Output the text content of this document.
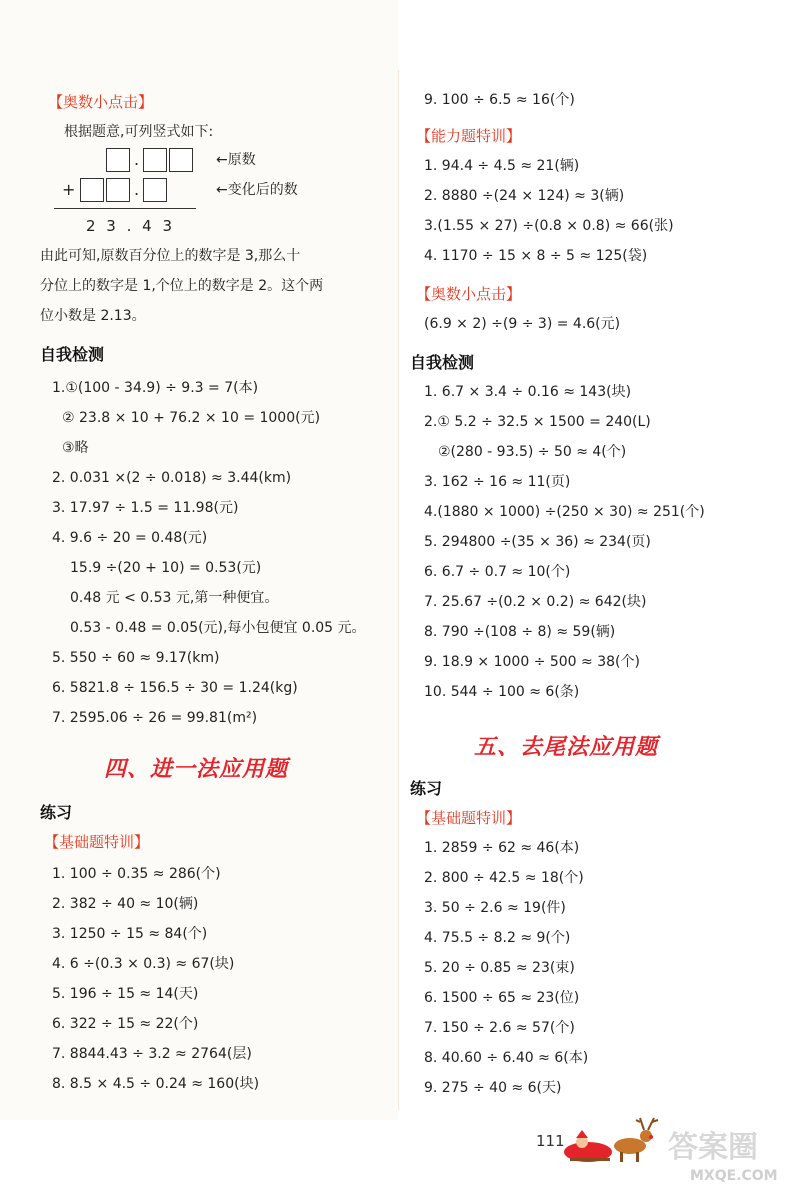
【奥数小点击】
根据题意,可列竖式如下:
.	←原数
+	.	←变化后的数
2 3 . 4 3
由此可知,原数百分位上的数字是 3,那么十
分位上的数字是 1,个位上的数字是 2。这个两
位小数是 2.13。
自我检测
1.①(100 - 34.9) ÷ 9.3 = 7(本)
② 23.8 × 10 + 76.2 × 10 = 1000(元)
③略
2. 0.031 ×(2 ÷ 0.018) ≈ 3.44(km)
3. 17.97 ÷ 1.5 = 11.98(元)
4. 9.6 ÷ 20 = 0.48(元)
15.9 ÷(20 + 10) = 0.53(元)
0.48 元 < 0.53 元,第一种便宜。
0.53 - 0.48 = 0.05(元),每小包便宜 0.05 元。
5. 550 ÷ 60 ≈ 9.17(km)
6. 5821.8 ÷ 156.5 ÷ 30 = 1.24(kg)
7. 2595.06 ÷ 26 = 99.81(m²)
四、进一法应用题
练习
【基础题特训】
1. 100 ÷ 0.35 ≈ 286(个)
2. 382 ÷ 40 ≈ 10(辆)
3. 1250 ÷ 15 ≈ 84(个)
4. 6 ÷(0.3 × 0.3) ≈ 67(块)
5. 196 ÷ 15 ≈ 14(天)
6. 322 ÷ 15 ≈ 22(个)
7. 8844.43 ÷ 3.2 ≈ 2764(层)
8. 8.5 × 4.5 ÷ 0.24 ≈ 160(块)
9. 100 ÷ 6.5 ≈ 16(个)
【能力题特训】
1. 94.4 ÷ 4.5 ≈ 21(辆)
2. 8880 ÷(24 × 124) ≈ 3(辆)
3.(1.55 × 27) ÷(0.8 × 0.8) ≈ 66(张)
4. 1170 ÷ 15 × 8 ÷ 5 ≈ 125(袋)
【奥数小点击】
(6.9 × 2) ÷(9 ÷ 3) = 4.6(元)
自我检测
1. 6.7 × 3.4 ÷ 0.16 ≈ 143(块)
2.① 5.2 ÷ 32.5 × 1500 = 240(L)
②(280 - 93.5) ÷ 50 ≈ 4(个)
3. 162 ÷ 16 ≈ 11(页)
4.(1880 × 1000) ÷(250 × 30) ≈ 251(个)
5. 294800 ÷(35 × 36) ≈ 234(页)
6. 6.7 ÷ 0.7 ≈ 10(个)
7. 25.67 ÷(0.2 × 0.2) ≈ 642(块)
8. 790 ÷(108 ÷ 8) ≈ 59(辆)
9. 18.9 × 1000 ÷ 500 ≈ 38(个)
10. 544 ÷ 100 ≈ 6(条)
五、去尾法应用题
练习
【基础题特训】
1. 2859 ÷ 62 ≈ 46(本)
2. 800 ÷ 42.5 ≈ 18(个)
3. 50 ÷ 2.6 ≈ 19(件)
4. 75.5 ÷ 8.2 ≈ 9(个)
5. 20 ÷ 0.85 ≈ 23(束)
6. 1500 ÷ 65 ≈ 23(位)
7. 150 ÷ 2.6 ≈ 57(个)
8. 40.60 ÷ 6.40 ≈ 6(本)
9. 275 ÷ 40 ≈ 6(天)
111	答案圈
MXQE.COM
